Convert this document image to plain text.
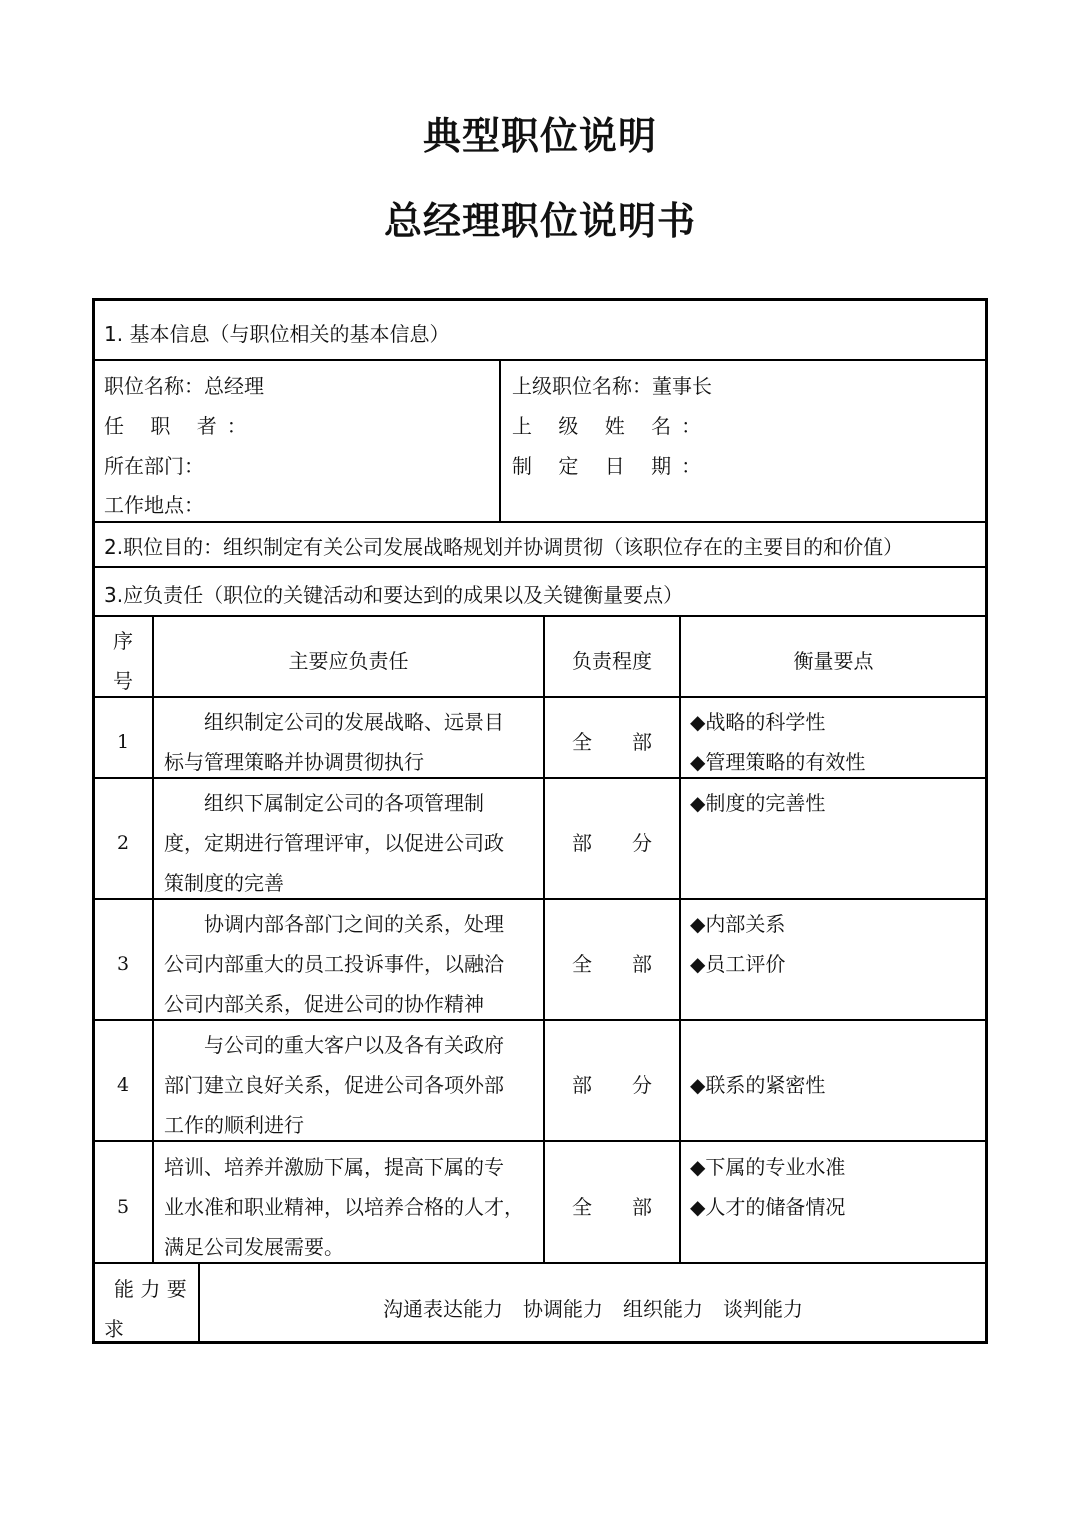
典型职位说明
总经理职位说明书
1. 基本信息（与职位相关的基本信息）
职位名称：总经理
任 职 者：
所在部门：
工作地点：
上级职位名称：董事长
上 级 姓 名：
制 定 日 期：
2.职位目的：组织制定有关公司发展战略规划并协调贯彻（该职位存在的主要目的和价值）
3.应负责任（职位的关键活动和要达到的成果以及关键衡量要点）
序
号
主要应负责任	负责程度	衡量要点
1
　　组织制定公司的发展战略、远景目
标与管理策略并协调贯彻执行
全　　部
◆ 战略的科学性
◆ 管理策略的有效性
2
　　组织下属制定公司的各项管理制
度，定期进行管理评审，以促进公司政
策制度的完善
部　　分
◆ 制度的完善性
3
　　协调内部各部门之间的关系，处理
公司内部重大的员工投诉事件，以融洽
公司内部关系，促进公司的协作精神
全　　部
◆ 内部关系
◆ 员工评价
4
　　与公司的重大客户以及各有关政府
部门建立良好关系，促进公司各项外部
工作的顺利进行
部　　分
◆	联系的紧密性
5
培训、培养并激励下属，提高下属的专
业水准和职业精神，以培养合格的人才，
满足公司发展需要。
全　　部
◆ 下属的专业水准
◆ 人才的储备情况
能 力 要
求
沟通表达能力　协调能力　组织能力　谈判能力
